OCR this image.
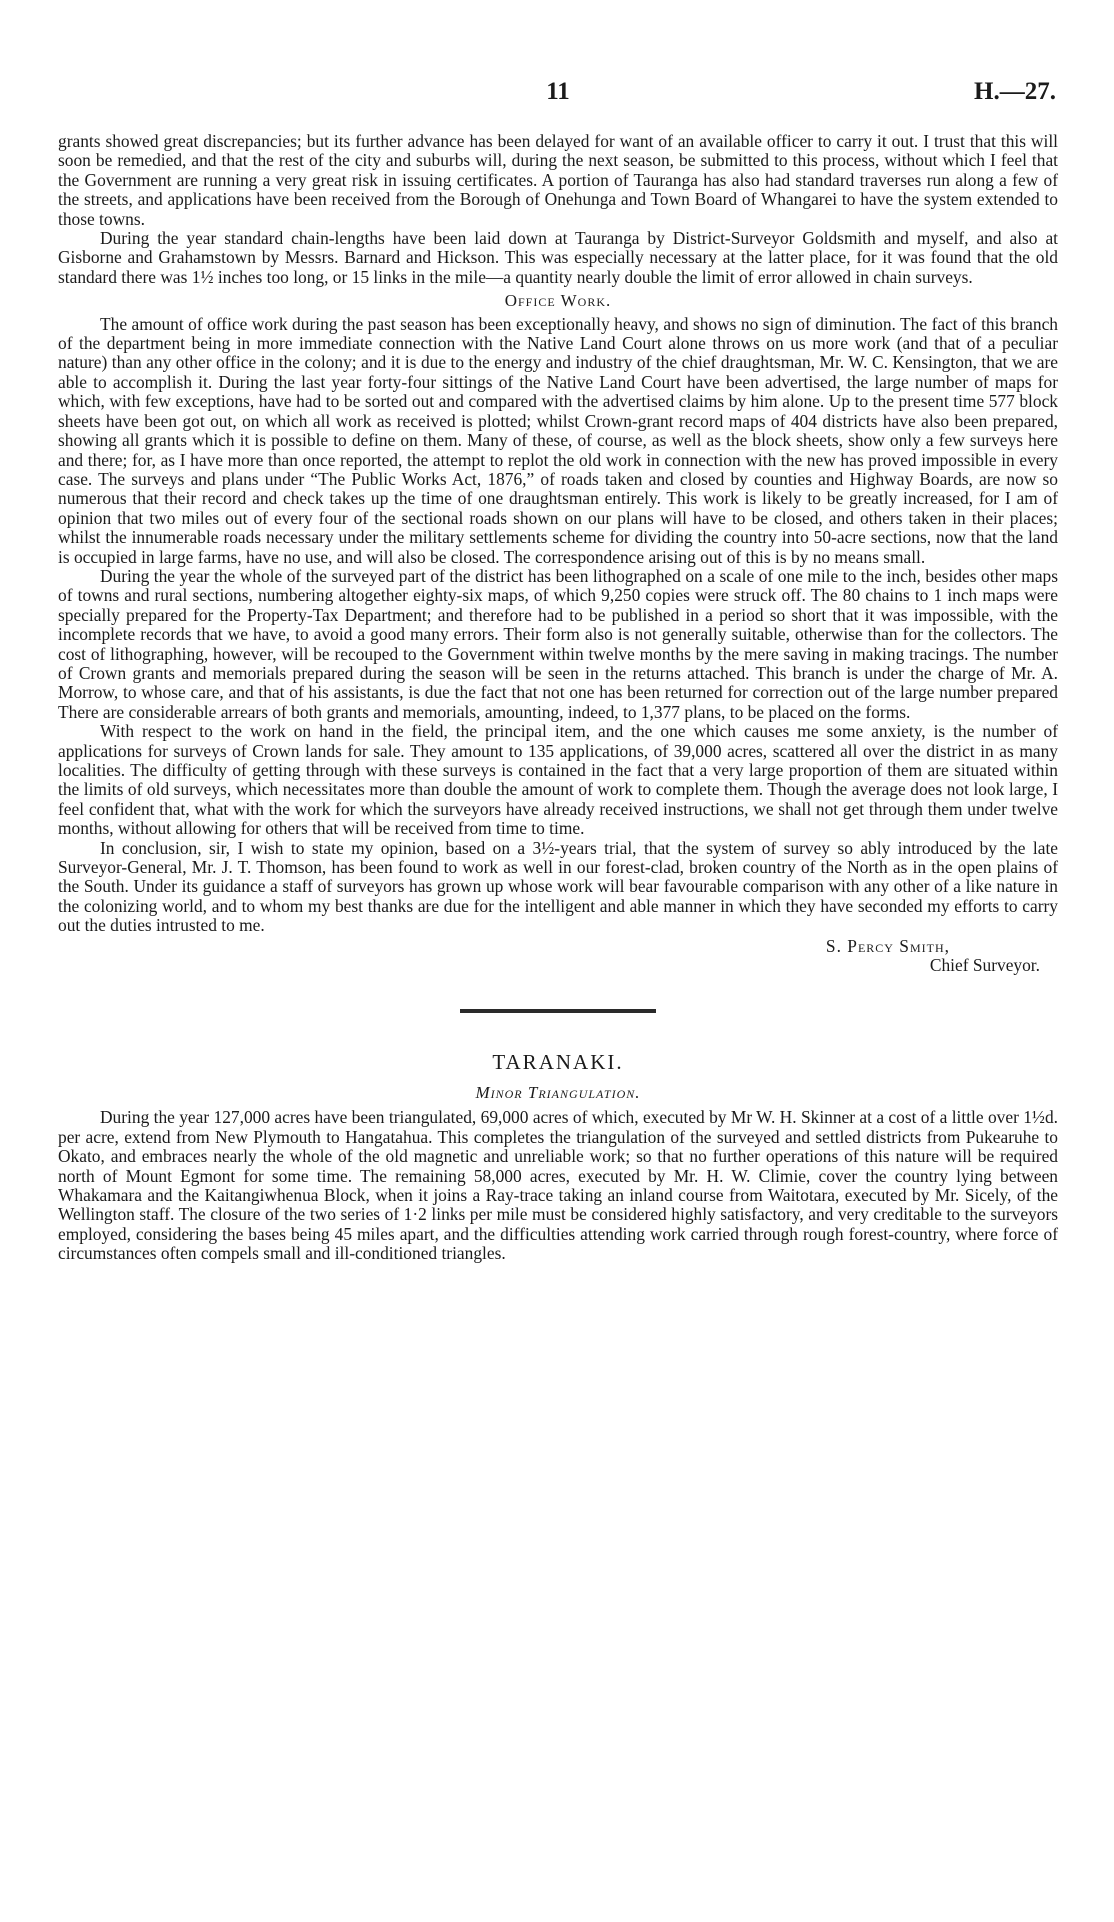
11	H.—27.

grants showed great discrepancies; but its further advance has been delayed for want of an available officer to carry it out. I trust that this will soon be remedied, and that the rest of the city and suburbs will, during the next season, be submitted to this process, without which I feel that the Government are running a very great risk in issuing certificates. A portion of Tauranga has also had standard traverses run along a few of the streets, and applications have been received from the Borough of Onehunga and Town Board of Whangarei to have the system extended to those towns.

During the year standard chain-lengths have been laid down at Tauranga by District-Surveyor Goldsmith and myself, and also at Gisborne and Grahamstown by Messrs. Barnard and Hickson. This was especially necessary at the latter place, for it was found that the old standard there was 1½ inches too long, or 15 links in the mile—a quantity nearly double the limit of error allowed in chain surveys.

Office Work.

The amount of office work during the past season has been exceptionally heavy, and shows no sign of diminution. The fact of this branch of the department being in more immediate connection with the Native Land Court alone throws on us more work (and that of a peculiar nature) than any other office in the colony; and it is due to the energy and industry of the chief draughtsman, Mr. W. C. Kensington, that we are able to accomplish it. During the last year forty-four sittings of the Native Land Court have been advertised, the large number of maps for which, with few exceptions, have had to be sorted out and compared with the advertised claims by him alone. Up to the present time 577 block sheets have been got out, on which all work as received is plotted; whilst Crown-grant record maps of 404 districts have also been prepared, showing all grants which it is possible to define on them. Many of these, of course, as well as the block sheets, show only a few surveys here and there; for, as I have more than once reported, the attempt to replot the old work in connection with the new has proved impossible in every case. The surveys and plans under “The Public Works Act, 1876,” of roads taken and closed by counties and Highway Boards, are now so numerous that their record and check takes up the time of one draughtsman entirely. This work is likely to be greatly increased, for I am of opinion that two miles out of every four of the sectional roads shown on our plans will have to be closed, and others taken in their places; whilst the innumerable roads necessary under the military settlements scheme for dividing the country into 50-acre sections, now that the land is occupied in large farms, have no use, and will also be closed. The correspondence arising out of this is by no means small.

During the year the whole of the surveyed part of the district has been lithographed on a scale of one mile to the inch, besides other maps of towns and rural sections, numbering altogether eighty-six maps, of which 9,250 copies were struck off. The 80 chains to 1 inch maps were specially prepared for the Property-Tax Department; and therefore had to be published in a period so short that it was impossible, with the incomplete records that we have, to avoid a good many errors. Their form also is not generally suitable, otherwise than for the collectors. The cost of lithographing, however, will be recouped to the Government within twelve months by the mere saving in making tracings. The number of Crown grants and memorials prepared during the season will be seen in the returns attached. This branch is under the charge of Mr. A. Morrow, to whose care, and that of his assistants, is due the fact that not one has been returned for correction out of the large number prepared There are considerable arrears of both grants and memorials, amounting, indeed, to 1,377 plans, to be placed on the forms.

With respect to the work on hand in the field, the principal item, and the one which causes me some anxiety, is the number of applications for surveys of Crown lands for sale. They amount to 135 applications, of 39,000 acres, scattered all over the district in as many localities. The difficulty of getting through with these surveys is contained in the fact that a very large proportion of them are situated within the limits of old surveys, which necessitates more than double the amount of work to complete them. Though the average does not look large, I feel confident that, what with the work for which the surveyors have already received instructions, we shall not get through them under twelve months, without allowing for others that will be received from time to time.

In conclusion, sir, I wish to state my opinion, based on a 3½-years trial, that the system of survey so ably introduced by the late Surveyor-General, Mr. J. T. Thomson, has been found to work as well in our forest-clad, broken country of the North as in the open plains of the South. Under its guidance a staff of surveyors has grown up whose work will bear favourable comparison with any other of a like nature in the colonizing world, and to whom my best thanks are due for the intelligent and able manner in which they have seconded my efforts to carry out the duties intrusted to me.

S. Percy Smith,
Chief Surveyor.
TARANAKI.
Minor Triangulation.

During the year 127,000 acres have been triangulated, 69,000 acres of which, executed by Mr W. H. Skinner at a cost of a little over 1½d. per acre, extend from New Plymouth to Hangatahua. This completes the triangulation of the surveyed and settled districts from Pukearuhe to Okato, and embraces nearly the whole of the old magnetic and unreliable work; so that no further operations of this nature will be required north of Mount Egmont for some time. The remaining 58,000 acres, executed by Mr. H. W. Climie, cover the country lying between Whakamara and the Kaitangiwhenua Block, when it joins a Ray-trace taking an inland course from Waitotara, executed by Mr. Sicely, of the Wellington staff. The closure of the two series of 1·2 links per mile must be considered highly satisfactory, and very creditable to the surveyors employed, considering the bases being 45 miles apart, and the difficulties attending work carried through rough forest-country, where force of circumstances often compels small and ill-conditioned triangles.
